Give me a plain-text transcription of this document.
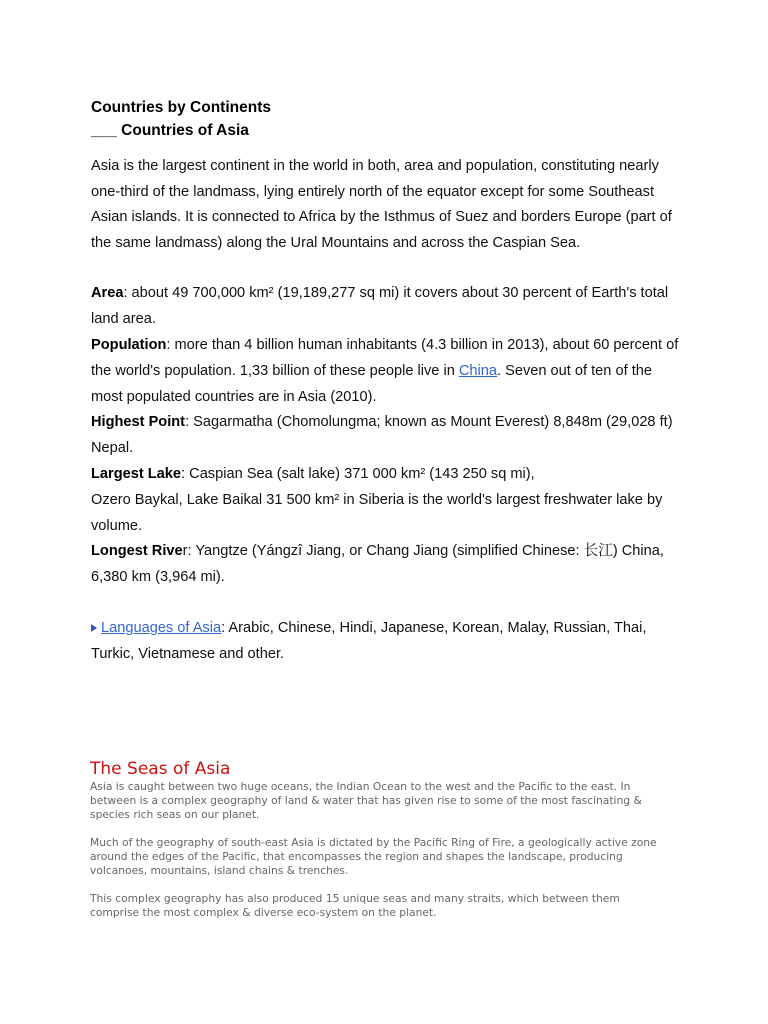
Countries by Continents
___ Countries of Asia

Asia is the largest continent in the world in both, area and population, constituting nearly one-third of the landmass, lying entirely north of the equator except for some Southeast Asian islands. It is connected to Africa by the Isthmus of Suez and borders Europe (part of the same landmass) along the Ural Mountains and across the Caspian Sea.

Area: about 49 700,000 km² (19,189,277 sq mi) it covers about 30 percent of Earth's total land area.

Population: more than 4 billion human inhabitants (4.3 billion in 2013), about 60 percent of the world's population. 1,33 billion of these people live in China. Seven out of ten of the most populated countries are in Asia (2010).

Highest Point: Sagarmatha (Chomolungma; known as Mount Everest) 8,848m (29,028 ft) Nepal.

Largest Lake: Caspian Sea (salt lake) 371 000 km² (143 250 sq mi),

Ozero Baykal, Lake Baikal 31 500 km² in Siberia is the world's largest freshwater lake by volume.

Longest River: Yangtze (Yángzî Jiang, or Chang Jiang (simplified Chinese: 长江) China, 6,380 km (3,964 mi).

Languages of Asia: Arabic, Chinese, Hindi, Japanese, Korean, Malay, Russian, Thai, Turkic, Vietnamese and other.

The Seas of Asia

Asia is caught between two huge oceans, the Indian Ocean to the west and the Pacific to the east. In between is a complex geography of land & water that has given rise to some of the most fascinating & species rich seas on our planet.

Much of the geography of south-east Asia is dictated by the Pacific Ring of Fire, a geologically active zone around the edges of the Pacific, that encompasses the region and shapes the landscape, producing volcanoes, mountains, island chains & trenches.

This complex geography has also produced 15 unique seas and many straits, which between them comprise the most complex & diverse eco-system on the planet.
